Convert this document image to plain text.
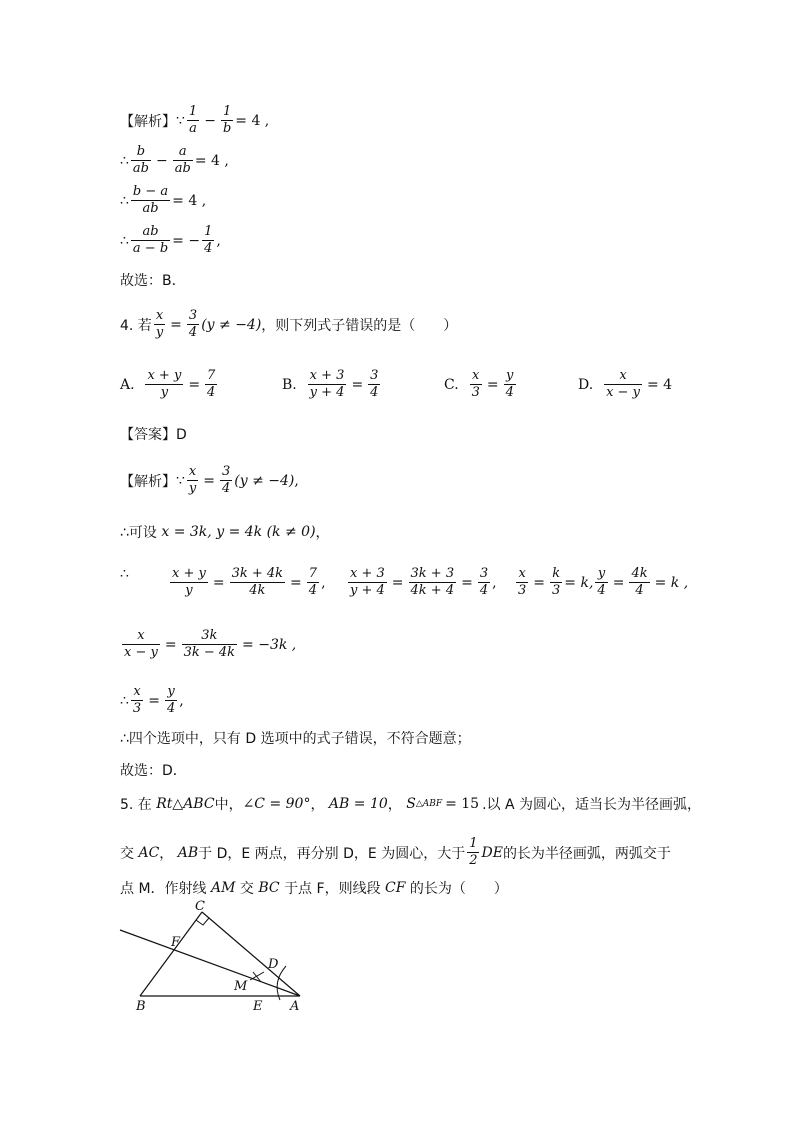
【解析】 ∵ $\frac{1}{a} - \frac{1}{b} = 4$ ,
∴ $\frac{b}{ab} - \frac{a}{ab} = 4$ ,
∴ $\frac{b - a}{ab} = 4$ ,
∴ $\frac{ab}{a - b}$ = − $\frac{1}{4}$ ,
故选：B．
4. 若 $\frac{x}{y} = \frac{3}{4} (y \ne -4)$ ，则下列式子错误的是（　　）
A.
$\frac{x + y}{y} = \frac{7}{4}$	B.
$\frac{x + 3}{y + 4} = \frac{3}{4}$	C.
$\frac{x}{3} = \frac{y}{4}$	D.
$\frac{x}{x - y} = 4$
【答案】D
【解析】 ∵ $\frac{x}{y} = \frac{3}{4} (y \ne -4)$ ,
∴可设
x = 3k,
y = 4k (k ≠ 0) ，
∴	$\frac{x + y}{y} = \frac{3k + 4k}{4k} = \frac{7}{4}$ , $\frac{x + 3}{y + 4} = \frac{3k + 3}{4k + 4} = \frac{3}{4}$ , $\frac{x}{3} = \frac{k}{3} = k$, $\frac{y}{4} = \frac{4k}{4} = k$ ,
$\frac{x}{x - y} = \frac{3k}{3k - 4k} = -3k$ ,
∴ $\frac{x}{3} = \frac{y}{4}$ ,
∴四个选项中，只有 D 选项中的式子错误，不符合题意；
故选：D．
5. 在
Rt△ABC 中， ∠C = 90° ，
AB = 10 ，
S △ABF = 15 .以 A 为圆心，适当长为半径画弧，
交
AC ，
AB 于 D，E 两点，再分别 D，E 为圆心，大于 $\frac{1}{2}$ DE 的长为半径画弧，两弧交于
点 M．作射线
AM
交
BC
于点 F，则线段
CF
的长为（　　）
C
F
D
M
B	E A
